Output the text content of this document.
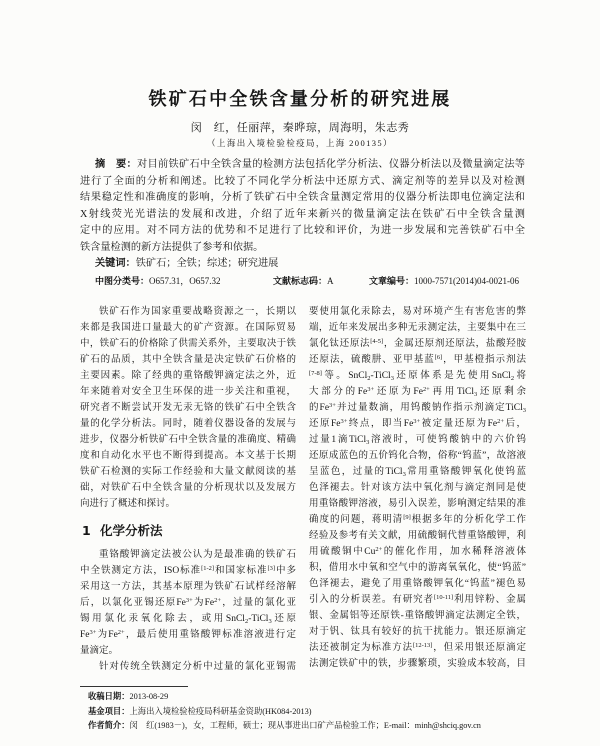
铁矿石中全铁含量分析的研究进展
闵　红，任丽萍，秦晔琼，周海明，朱志秀
（上海出入境检验检疫局，上海 200135）
摘　要：对目前铁矿石中全铁含量的检测方法包括化学分析法、仪器分析法以及微量滴定法等
进行了全面的分析和阐述。比较了不同化学分析法中还原方式、滴定剂等的差异以及对检测
结果稳定性和准确度的影响，分析了铁矿石中全铁含量测定常用的仪器分析法即电位滴定法和
X射线荧光光谱法的发展和改进，介绍了近年来新兴的微量滴定法在铁矿石中全铁含量测
定中的应用。对不同方法的优势和不足进行了比较和评价，为进一步发展和完善铁矿石中全
铁含量检测的新方法提供了参考和依据。
关键词：铁矿石；全铁；综述；研究进展
中图分类号：O657.31，O657.32	文献标志码：A	文章编号：1000-7571(2014)04-0021-06
铁矿石作为国家重要战略资源之一，长期以
来都是我国进口量最大的矿产资源。在国际贸易
中，铁矿石的价格除了供需关系外，主要取决于铁
矿石的品质，其中全铁含量是决定铁矿石价格的
主要因素。除了经典的重铬酸钾滴定法之外，近
年来随着对安全卫生环保的进一步关注和重视，
研究者不断尝试开发无汞无铬的铁矿石中全铁含
量的化学分析法。同时，随着仪器设备的发展与
进步，仪器分析铁矿石中全铁含量的准确度、精确
度和自动化水平也不断得到提高。本文基于长期
铁矿石检测的实际工作经验和大量文献阅读的基
础，对铁矿石中全铁含量的分析现状以及发展方
向进行了概述和探讨。
1 化学分析法
重铬酸钾滴定法被公认为是最准确的铁矿石
中全铁测定方法，ISO标准[1-2]和国家标准[3]中多
采用这一方法，其基本原理为铁矿石试样经溶解
后，以氯化亚锡还原$Fe^{3+}$为$Fe^{2+}$，过量的氯化亚
锡用氯化汞氧化除去，或用SnCl$_2$-TiCl$_3$还原
$Fe^{3+}$为$Fe^{2+}$，最后使用重铬酸钾标准溶液进行定
量滴定。
针对传统全铁测定分析中过量的氯化亚锡需
要使用氯化汞除去，易对环境产生有害危害的弊
端，近年来发展出多种无汞测定法，主要集中在三
氯化钛还原法[4-5]，金属还原剂还原法，盐酸羟胺
还原法，硫酸肼、亚甲基蓝[6]，甲基橙指示剂法
[7-8]等。SnCl$_2$-TiCl$_3$还原体系是先使用SnCl$_2$将
大部分的$Fe^{3+}$还原为$Fe^{2+}$再用TiCl$_3$还原剩余
的$Fe^{3+}$并过量数滴，用钨酸钠作指示剂滴定TiCl$_3$
还原$Fe^{3+}$终点，即当$Fe^{3+}$被定量还原为$Fe^{2+}$后，
过量1滴TiCl$_3$溶液时，可使钨酸钠中的六价钨
还原成蓝色的五价钨化合物，俗称“钨蓝”，故溶液
呈蓝色，过量的TiCl$_3$常用重铬酸钾氧化使钨蓝
色泽褪去。针对该方法中氧化剂与滴定剂同是使
用重铬酸钾溶液，易引入误差，影响测定结果的准
确度的问题，蒋明清[9]根据多年的分析化学工作
经验及参考有关文献，用硫酸铜代替重铬酸钾，利
用硫酸铜中$Cu^{2+}$的催化作用，加水稀释溶液体
积，借用水中氧和空气中的游离氧氧化，使“钨蓝”
色泽褪去，避免了用重铬酸钾氧化“钨蓝”褪色易
引入的分析误差。有研究者[10-11]利用锌粉、金属
银、金属铝等还原铁-重铬酸钾滴定法测定全铁，
对于钒、钛具有较好的抗干扰能力。银还原滴定
法还被制定为标准方法[12-13]，但采用银还原滴定
法测定铁矿中的铁，步骤繁琐，实验成本较高，目
收稿日期：2013-08-29
基金项目：上海出入境检验检疫局科研基金资助(HK084-2013)
作者简介：闵　红(1983－)，女，工程师，硕士；现从事进出口矿产品检验工作；E-mail：minh@shciq.gov.cn
